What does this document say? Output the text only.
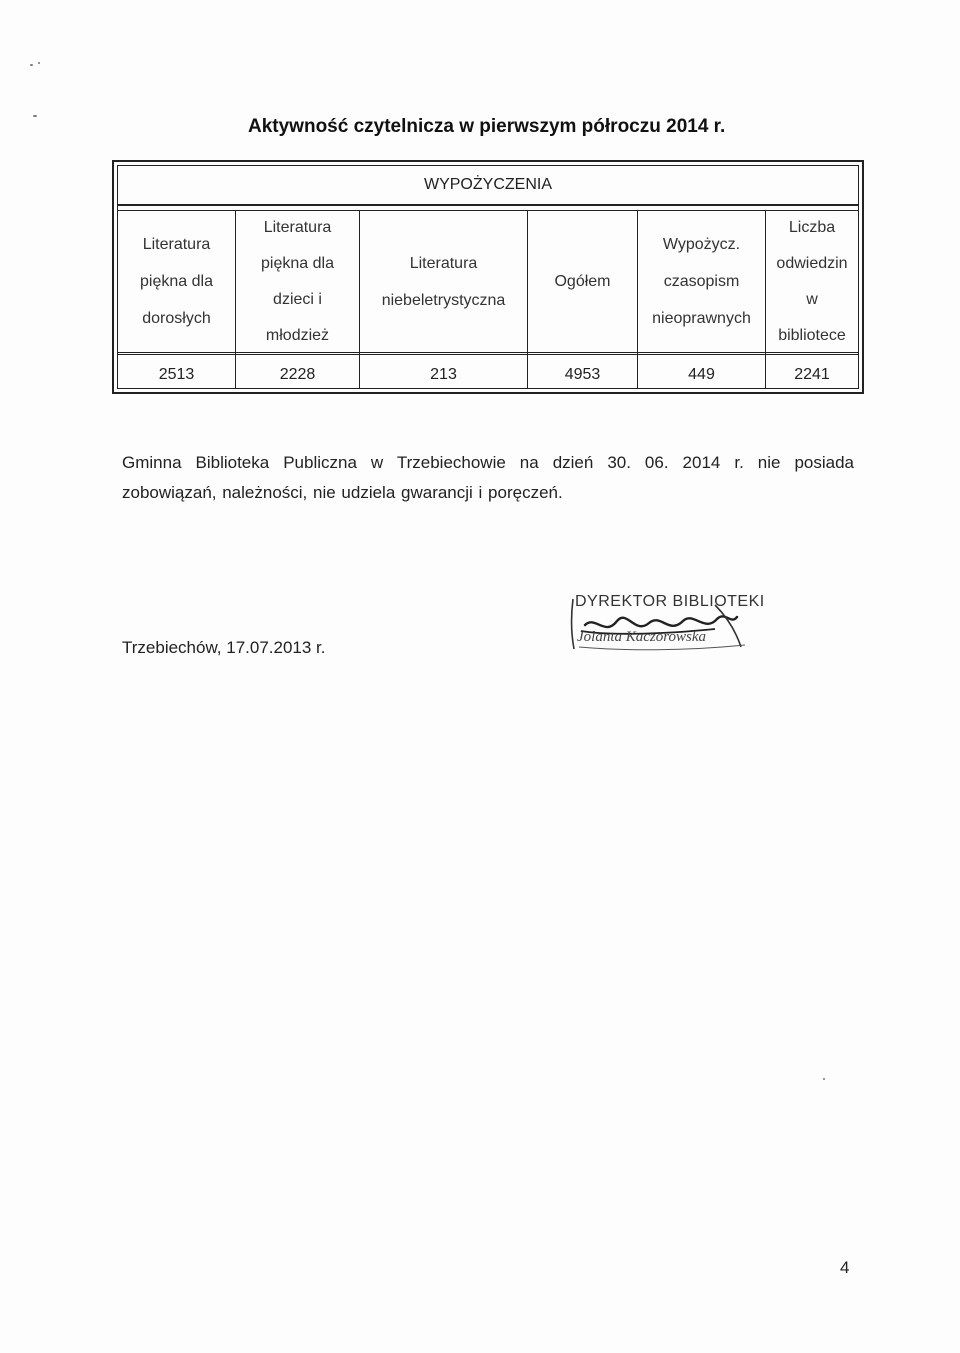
Aktywność czytelnicza w pierwszym półroczu 2014 r.
WYPOŻYCZENIA
Literatura
piękna dla
dorosłych
2513
Literatura
piękna dla
dzieci i
młodzież
2228
Literatura
niebeletrystyczna
213
Ogółem
4953
Wypożycz.
czasopism
nieoprawnych
449
Liczba
odwiedzin
w
bibliotece
2241
Gminna Biblioteka Publiczna w Trzebiechowie na dzień 30. 06. 2014 r. nie posiada zobowiązań, należności, nie udziela gwarancji i poręczeń.
Trzebiechów, 17.07.2013 r.
DYREKTOR BIBLIOTEKI
Jolanta Kaczorowska
4
